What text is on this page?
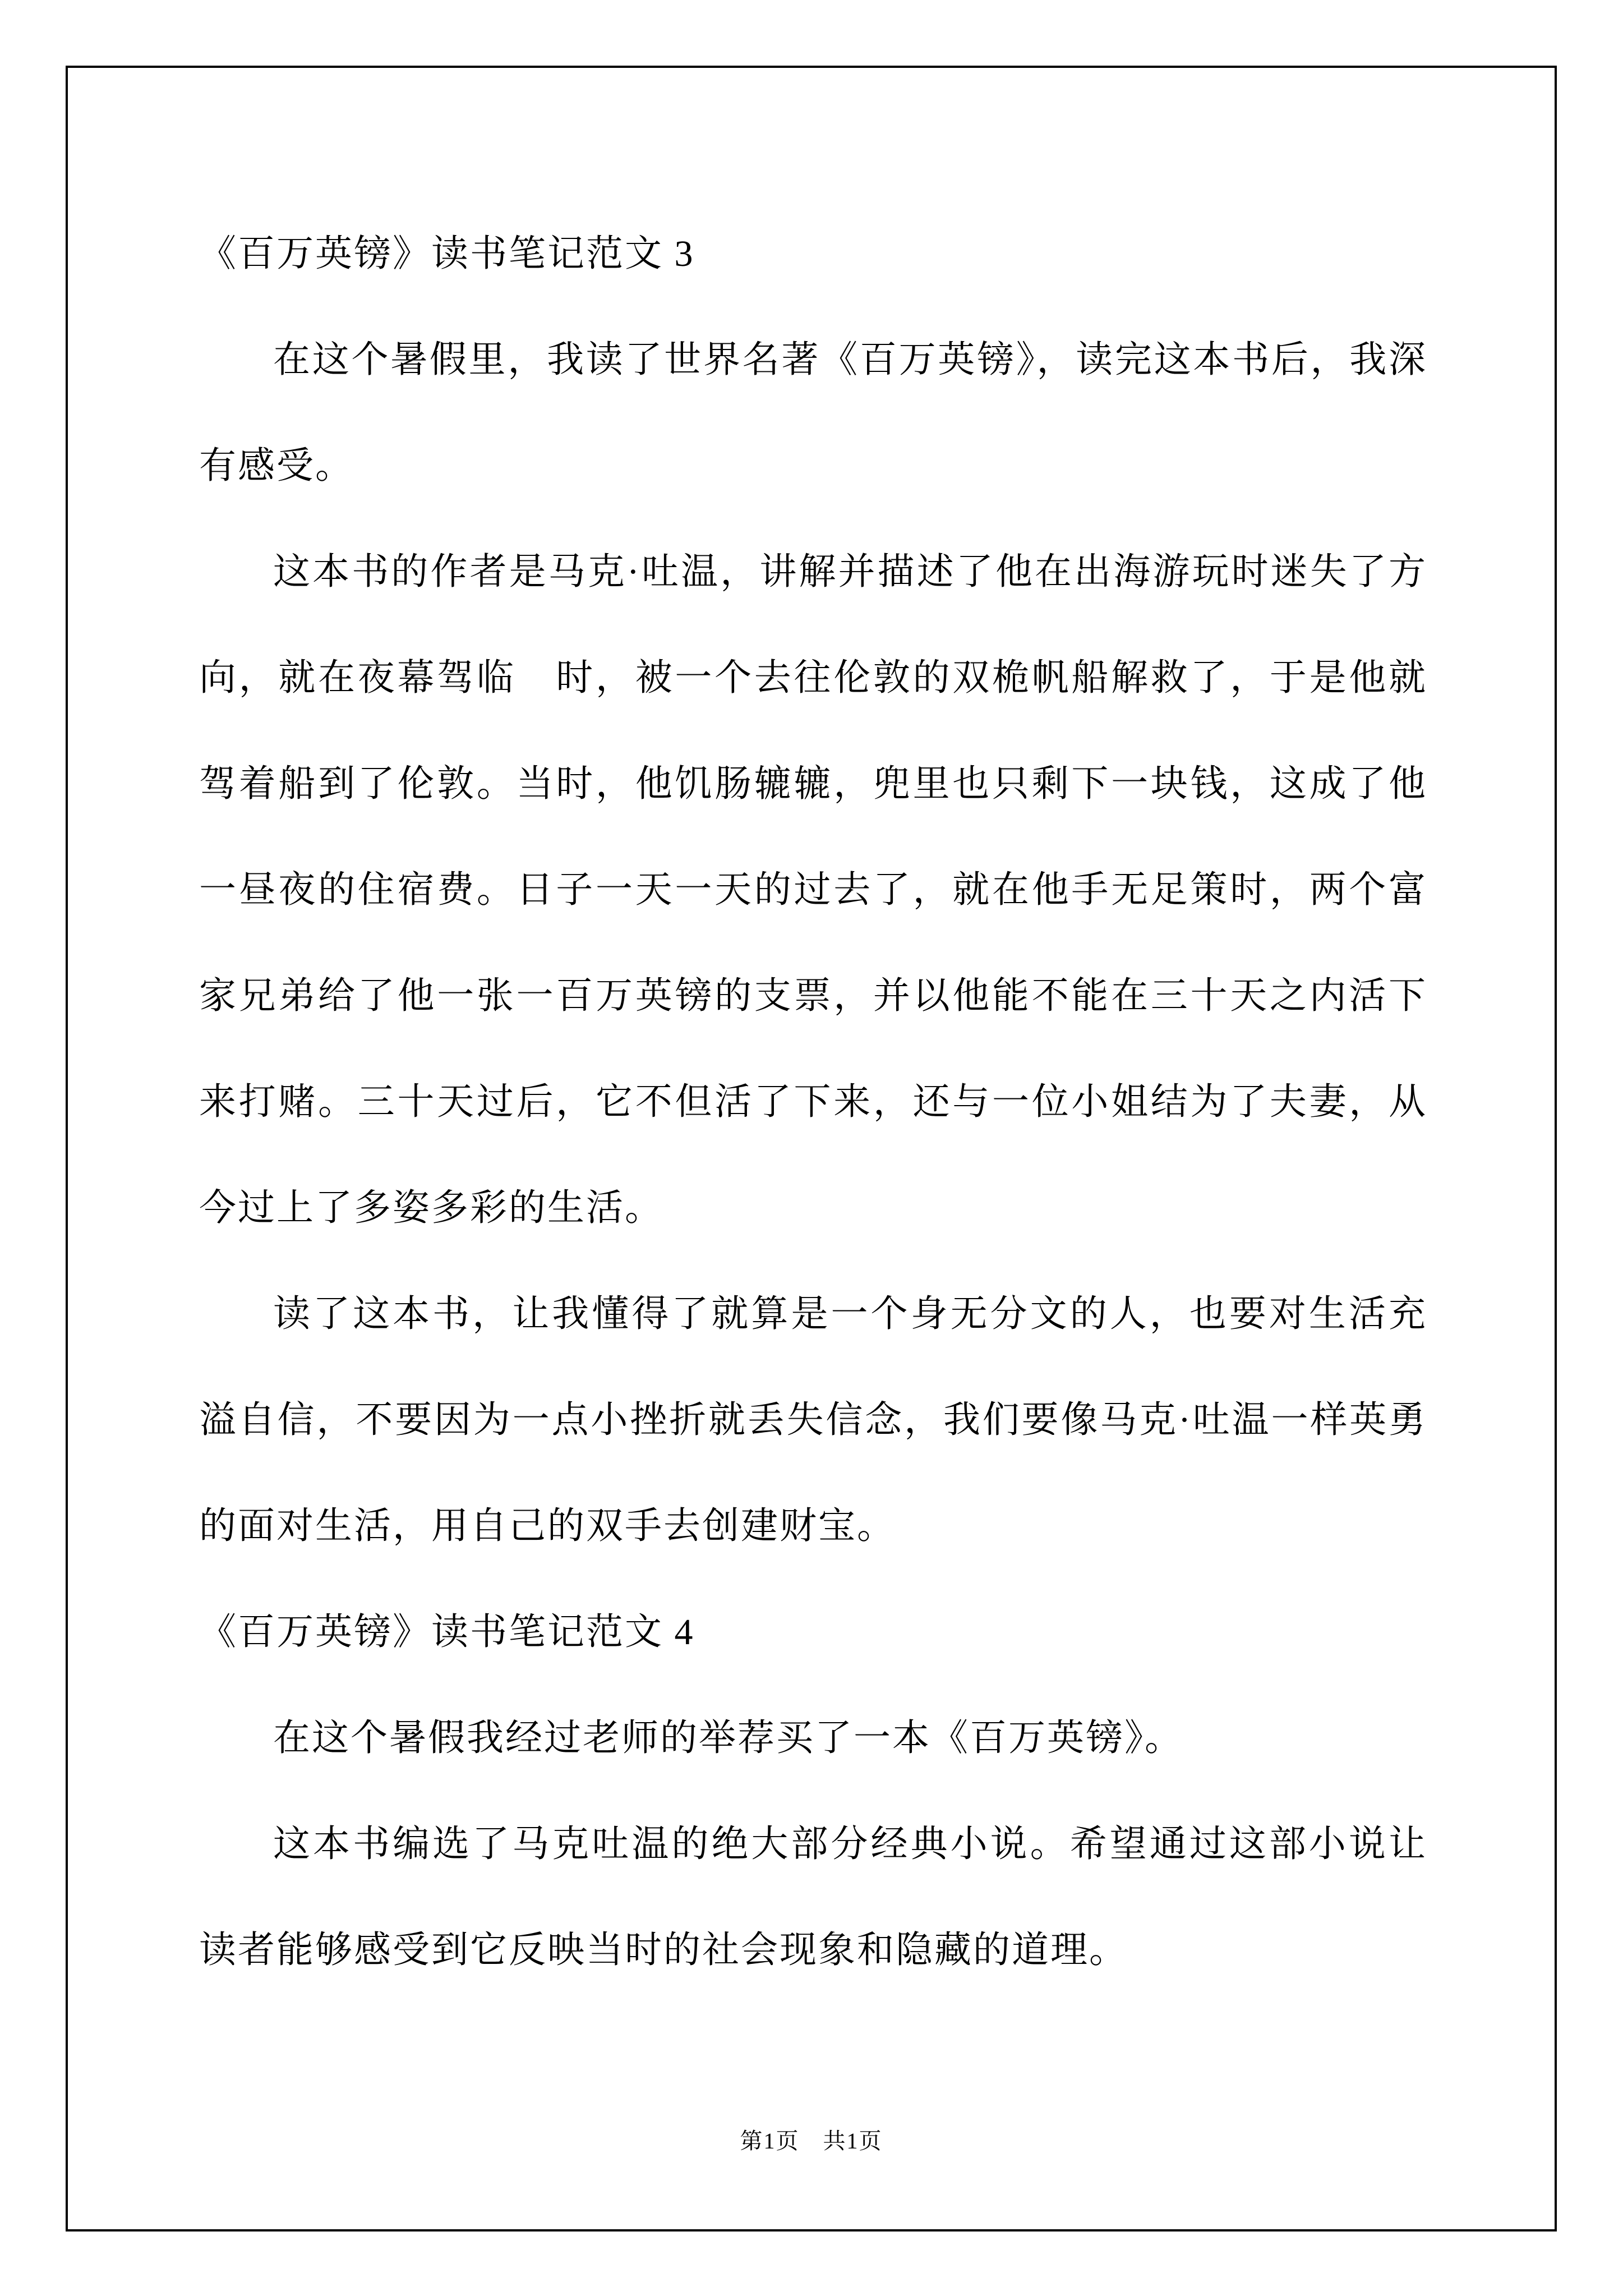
《百万英镑》读书笔记范文 3

在这个暑假里，我读了世界名著《百万英镑》，读完这本书后，我深有感受。

这本书的作者是马克·吐温，讲解并描述了他在出海游玩时迷失了方向，就在夜幕驾临　时，被一个去往伦敦的双桅帆船解救了，于是他就驾着船到了伦敦。当时，他饥肠辘辘，兜里也只剩下一块钱，这成了他一昼夜的住宿费。日子一天一天的过去了，就在他手无足策时，两个富家兄弟给了他一张一百万英镑的支票，并以他能不能在三十天之内活下来打赌。三十天过后，它不但活了下来，还与一位小姐结为了夫妻，从今过上了多姿多彩的生活。

读了这本书，让我懂得了就算是一个身无分文的人，也要对生活充溢自信，不要因为一点小挫折就丢失信念，我们要像马克·吐温一样英勇的面对生活，用自己的双手去创建财宝。

《百万英镑》读书笔记范文 4

在这个暑假我经过老师的举荐买了一本《百万英镑》。

这本书编选了马克吐温的绝大部分经典小说。希望通过这部小说让读者能够感受到它反映当时的社会现象和隐藏的道理。

第1页　共1页
